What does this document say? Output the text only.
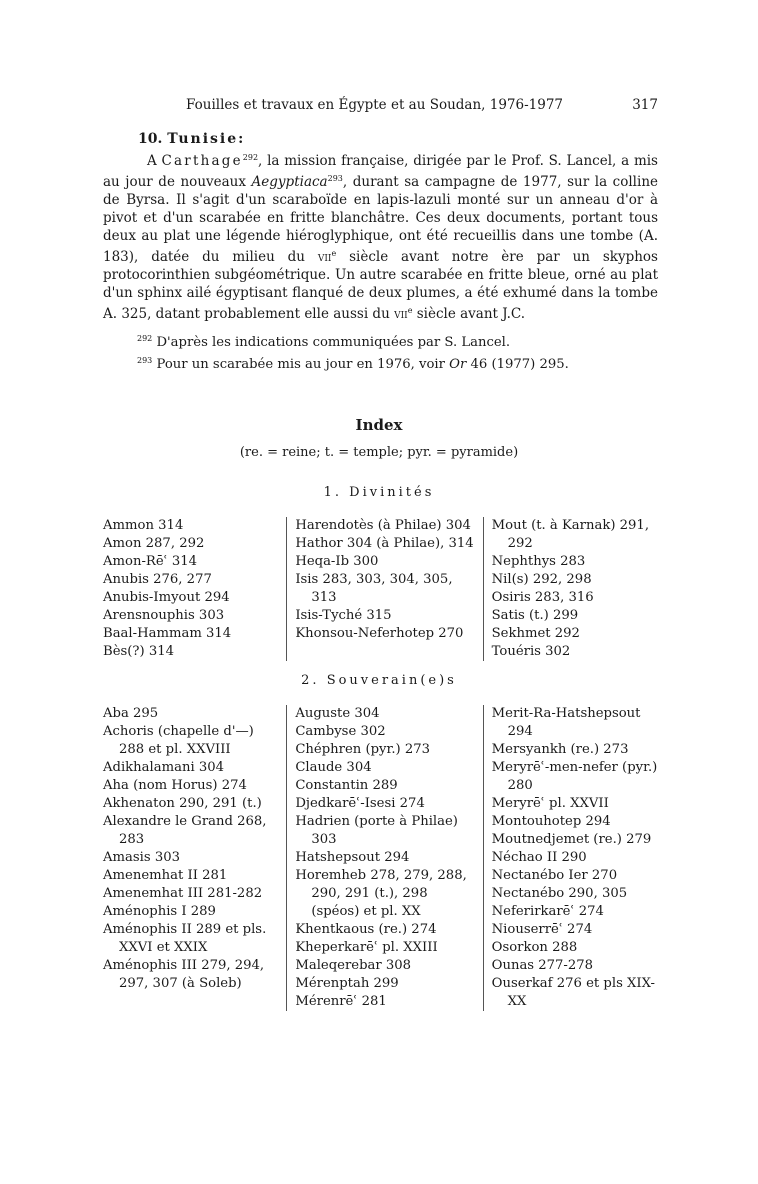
Fouilles et travaux en Égypte et au Soudan, 1976-1977	317
10. Tunisie:
A Carthage$^{292}$, la mission française, dirigée par le Prof. S. Lancel, a mis au jour de nouveaux Aegyptiaca$^{293}$, durant sa campagne de 1977, sur la colline de Byrsa. Il s'agit d'un scaraboïde en lapis-lazuli monté sur un anneau d'or à pivot et d'un scarabée en fritte blanchâtre. Ces deux documents, portant tous deux au plat une légende hiéroglyphique, ont été recueillis dans une tombe (A. 183), datée du milieu du vii$^e$ siècle avant notre ère par un skyphos protocorinthien subgéométrique. Un autre scarabée en fritte bleue, orné au plat d'un sphinx ailé égyptisant flanqué de deux plumes, a été exhumé dans la tombe A. 325, datant probablement elle aussi du vii$^e$ siècle avant J.C.
$^{292}$ D'après les indications communiquées par S. Lancel.
$^{293}$ Pour un scarabée mis au jour en 1976, voir Or 46 (1977) 295.
Index
(re. = reine; t. = temple; pyr. = pyramide)
1. Divinités
Ammon 314
Amon 287, 292
Amon-Rēʿ 314
Anubis 276, 277
Anubis-Imyout 294
Arensnouphis 303
Baal-Hammam 314
Bès(?) 314
Harendotès (à Philae) 304
Hathor 304 (à Philae), 314
Heqa-Ib 300
Isis 283, 303, 304, 305, 313
Isis-Tyché 315
Khonsou-Neferhotep 270
Mout (t. à Karnak) 291, 292
Nephthys 283
Nil(s) 292, 298
Osiris 283, 316
Satis (t.) 299
Sekhmet 292
Touéris 302
2. Souverain(e)s
Aba 295
Achoris (chapelle d'—) 288 et pl. XXVIII
Adikhalamani 304
Aha (nom Horus) 274
Akhenaton 290, 291 (t.)
Alexandre le Grand 268, 283
Amasis 303
Amenemhat II 281
Amenemhat III 281-282
Aménophis I 289
Aménophis II 289 et pls. XXVI et XXIX
Aménophis III 279, 294, 297, 307 (à Soleb)
Auguste 304
Cambyse 302
Chéphren (pyr.) 273
Claude 304
Constantin 289
Djedkarēʿ-Isesi 274
Hadrien (porte à Philae) 303
Hatshepsout 294
Horemheb 278, 279, 288, 290, 291 (t.), 298 (spéos) et pl. XX
Khentkaous (re.) 274
Kheperkarēʿ pl. XXIII
Maleqerebar 308
Mérenptah 299
Mérenrēʿ 281
Merit-Ra-Hatshepsout 294
Mersyankh (re.) 273
Meryrēʿ-men-nefer (pyr.) 280
Meryrēʿ pl. XXVII
Montouhotep 294
Moutnedjemet (re.) 279
Néchao II 290
Nectanébo Ier 270
Nectanébo 290, 305
Neferirkarēʿ 274
Niouserrēʿ 274
Osorkon 288
Ounas 277-278
Ouserkaf 276 et pls XIX-XX
